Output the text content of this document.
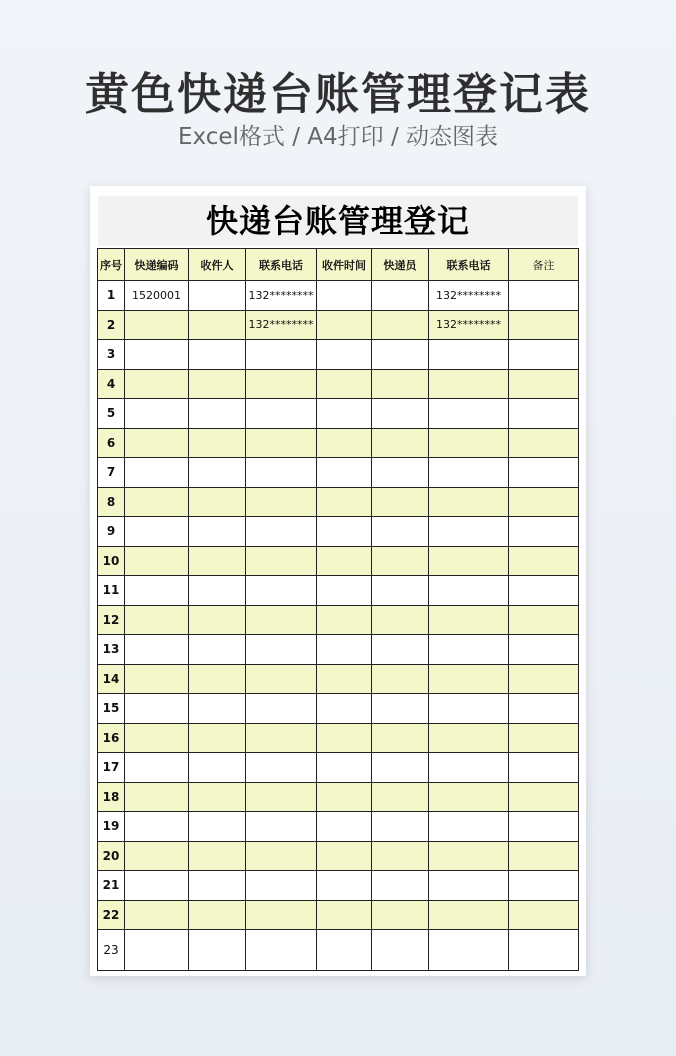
黄色快递台账管理登记表
Excel格式 / A4打印 / 动态图表
快递台账管理登记
序号	快递编码	收件人	联系电话	收件时间	快递员	联系电话	备注
1	1520001		132********			132********	
2			132********			132********	
3							
4							
5							
6							
7							
8							
9							
10							
11							
12							
13							
14							
15							
16							
17							
18							
19							
20							
21							
22							
23							
